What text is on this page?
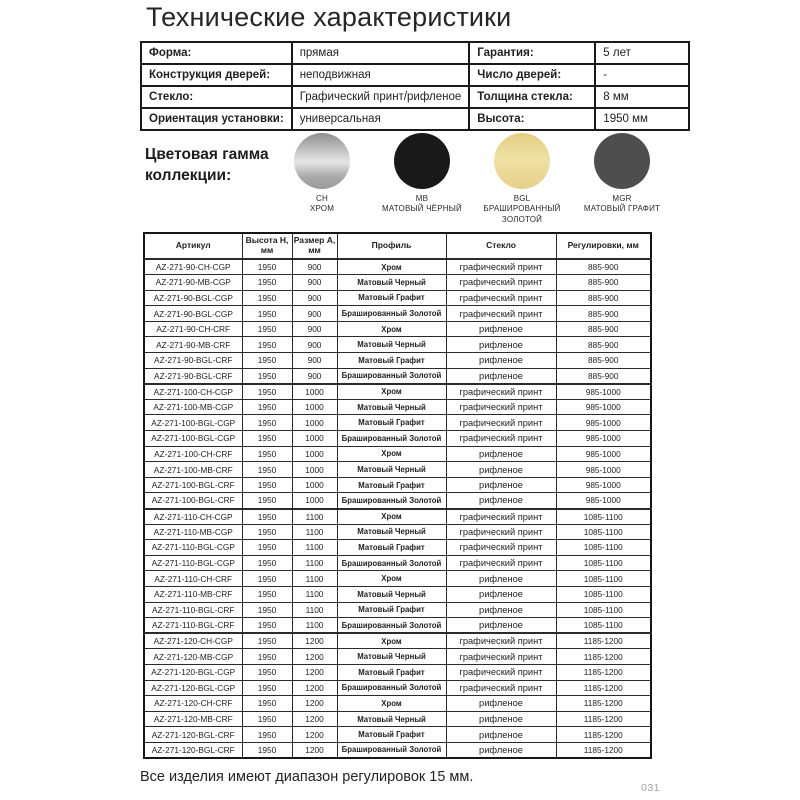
Технические характеристики
Форма:	прямая	Гарантия:	5 лет
Конструкция дверей:	неподвижная	Число дверей:	-
Стекло:	Графический принт/рифленое	Толщина стекла:	8 мм
Ориентация установки:	универсальная	Высота:	1950 мм
Цветовая гамма коллекции:
CH
ХРОМ
MB
МАТОВЫЙ ЧЁРНЫЙ
BGL
БРАШИРОВАННЫЙ ЗОЛОТОЙ
MGR
МАТОВЫЙ ГРАФИТ
Артикул	Высота H, мм	Размер A, мм	Профиль	Стекло	Регулировки, мм
AZ-271-90-CH-CGP	1950	900	Хром	графический принт	885-900
AZ-271-90-MB-CGP	1950	900	Матовый Черный	графический принт	885-900
AZ-271-90-BGL-CGP	1950	900	Матовый Графит	графический принт	885-900
AZ-271-90-BGL-CGP	1950	900	Брашированный Золотой	графический принт	885-900
AZ-271-90-CH-CRF	1950	900	Хром	рифленое	885-900
AZ-271-90-MB-CRF	1950	900	Матовый Черный	рифленое	885-900
AZ-271-90-BGL-CRF	1950	900	Матовый Графит	рифленое	885-900
AZ-271-90-BGL-CRF	1950	900	Брашированный Золотой	рифленое	885-900
AZ-271-100-CH-CGP	1950	1000	Хром	графический принт	985-1000
AZ-271-100-MB-CGP	1950	1000	Матовый Черный	графический принт	985-1000
AZ-271-100-BGL-CGP	1950	1000	Матовый Графит	графический принт	985-1000
AZ-271-100-BGL-CGP	1950	1000	Брашированный Золотой	графический принт	985-1000
AZ-271-100-CH-CRF	1950	1000	Хром	рифленое	985-1000
AZ-271-100-MB-CRF	1950	1000	Матовый Черный	рифленое	985-1000
AZ-271-100-BGL-CRF	1950	1000	Матовый Графит	рифленое	985-1000
AZ-271-100-BGL-CRF	1950	1000	Брашированный Золотой	рифленое	985-1000
AZ-271-110-CH-CGP	1950	1100	Хром	графический принт	1085-1100
AZ-271-110-MB-CGP	1950	1100	Матовый Черный	графический принт	1085-1100
AZ-271-110-BGL-CGP	1950	1100	Матовый Графит	графический принт	1085-1100
AZ-271-110-BGL-CGP	1950	1100	Брашированный Золотой	графический принт	1085-1100
AZ-271-110-CH-CRF	1950	1100	Хром	рифленое	1085-1100
AZ-271-110-MB-CRF	1950	1100	Матовый Черный	рифленое	1085-1100
AZ-271-110-BGL-CRF	1950	1100	Матовый Графит	рифленое	1085-1100
AZ-271-110-BGL-CRF	1950	1100	Брашированный Золотой	рифленое	1085-1100
AZ-271-120-CH-CGP	1950	1200	Хром	графический принт	1185-1200
AZ-271-120-MB-CGP	1950	1200	Матовый Черный	графический принт	1185-1200
AZ-271-120-BGL-CGP	1950	1200	Матовый Графит	графический принт	1185-1200
AZ-271-120-BGL-CGP	1950	1200	Брашированный Золотой	графический принт	1185-1200
AZ-271-120-CH-CRF	1950	1200	Хром	рифленое	1185-1200
AZ-271-120-MB-CRF	1950	1200	Матовый Черный	рифленое	1185-1200
AZ-271-120-BGL-CRF	1950	1200	Матовый Графит	рифленое	1185-1200
AZ-271-120-BGL-CRF	1950	1200	Брашированный Золотой	рифленое	1185-1200
Все изделия имеют диапазон регулировок 15 мм.
031
